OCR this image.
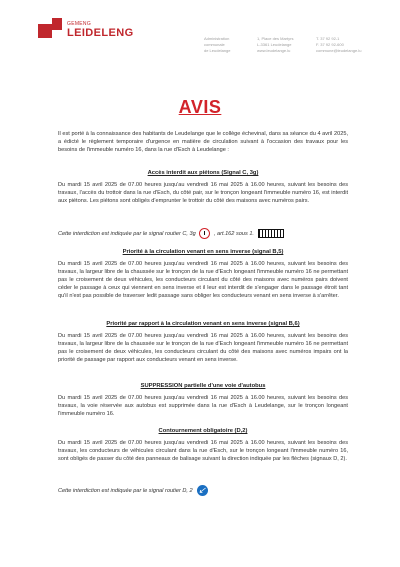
GEMENG
LEIDELENG	Administration
communale
de Leudelange
1, Place des Martyrs
L-3361 Leudelange
www.leudelange.lu
T. 37 92 92-1
F. 37 92 92-600
commune@leudelange.lu
AVIS
Il est porté à la connaissance des habitants de Leudelange que le collège échevinal, dans sa séance du 4 avril 2025, a édicté le règlement temporaire d'urgence en matière de circulation suivant à l'occasion des travaux pour les besoins de l'immeuble numéro 16, dans la rue d'Esch à Leudelange :
Accès interdit aux piétons (Signal C, 3g)
Du mardi 15 avril 2025 de 07.00 heures jusqu'au vendredi 16 mai 2025 à 16.00 heures, suivant les besoins des travaux, l'accès du trottoir dans la rue d'Esch, du côté pair, sur le tronçon longeant l'immeuble numéro 16, est interdit aux piétons. Les piétons sont obligés d'emprunter le trottoir du côté des maisons avec numéros pairs.
Cette interdiction est indiquée par le signal routier C, 3g	, art.162 sous 1.
Priorité à la circulation venant en sens inverse (signal B,5)
Du mardi 15 avril 2025 de 07.00 heures jusqu'au vendredi 16 mai 2025 à 16.00 heures, suivant les besoins des travaux, la largeur libre de la chaussée sur le tronçon de la rue d'Esch longeant l'immeuble numéro 16 ne permettant pas le croisement de deux véhicules, les conducteurs circulant du côté des maisons avec numéros pairs doivent céder le passage à ceux qui viennent en sens inverse et il leur est interdit de s'engager dans le passage étroit tant qu'il n'est pas possible de traverser ledit passage sans obliger les conducteurs venant en sens inverse à s'arrêter.
Priorité par rapport à la circulation venant en sens inverse (signal B,6)
Du mardi 15 avril 2025 de 07.00 heures jusqu'au vendredi 16 mai 2025 à 16.00 heures, suivant les besoins des travaux, la largeur libre de la chaussée sur le tronçon de la rue d'Esch longeant l'immeuble numéro 16 ne permettant pas le croisement de deux véhicules, les conducteurs circulant du côté des maisons avec numéros impairs ont la priorité de passage par rapport aux conducteurs venant en sens inverse.
SUPPRESSION partielle d'une voie d'autobus
Du mardi 15 avril 2025 de 07.00 heures jusqu'au vendredi 16 mai 2025 à 16.00 heures, suivant les besoins des travaux, la voie réservée aux autobus est supprimée dans la rue d'Esch à Leudelange, sur le tronçon longeant l'immeuble numéro 16.
Contournement obligatoire (D,2)
Du mardi 15 avril 2025 de 07.00 heures jusqu'au vendredi 16 mai 2025 à 16.00 heures, suivant les besoins des travaux, les conducteurs de véhicules circulant dans la rue d'Esch, sur le tronçon longeant l'immeuble numéro 16, sont obligés de passer du côté des panneaux de balisage suivant la direction indiquée par les flèches (signaux D, 2).
Cette interdiction est indiquée par le signal routier D, 2 ↙
